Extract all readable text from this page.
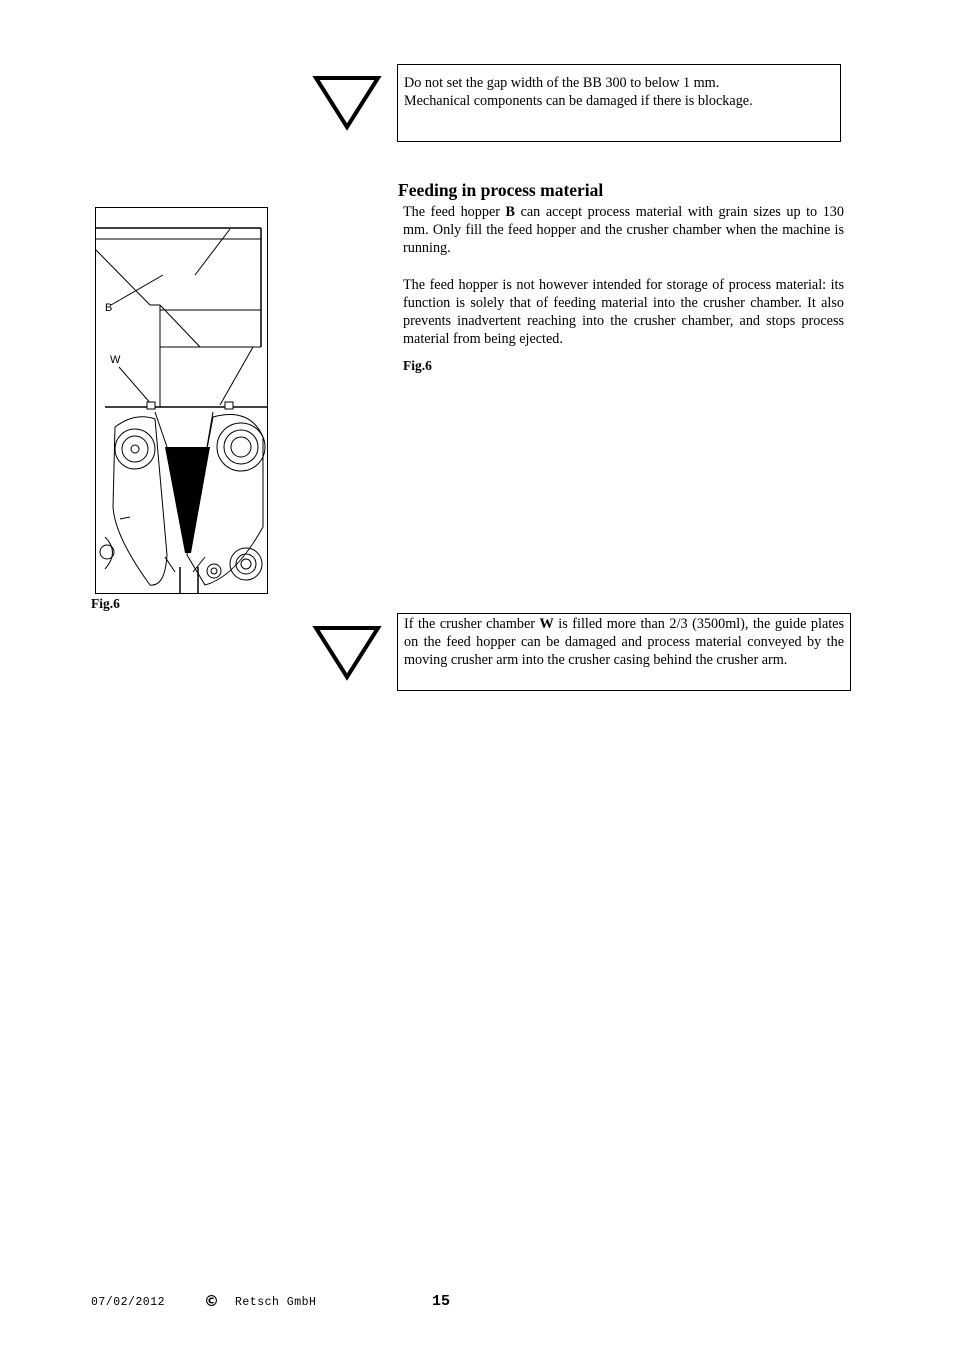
Do not set the gap width of the BB 300 to below 1 mm.

Mechanical components can be damaged if there is blockage.

Feeding in process material

The feed hopper B can accept process material with grain sizes up to 130 mm. Only fill the feed hopper and the crusher chamber when the machine is running.

The feed hopper is not however intended for storage of process material: its function is solely that of feeding material into the crusher chamber. It also prevents inadvertent reaching into the crusher chamber, and stops process material from being ejected.

Fig.6
B
W
Fig.6

If the crusher chamber W is filled more than 2/3 (3500ml), the guide plates on the feed hopper can be damaged and process material conveyed by the moving crusher arm into the crusher casing behind the crusher arm.

07/02/2012	© Retsch GmbH	15
